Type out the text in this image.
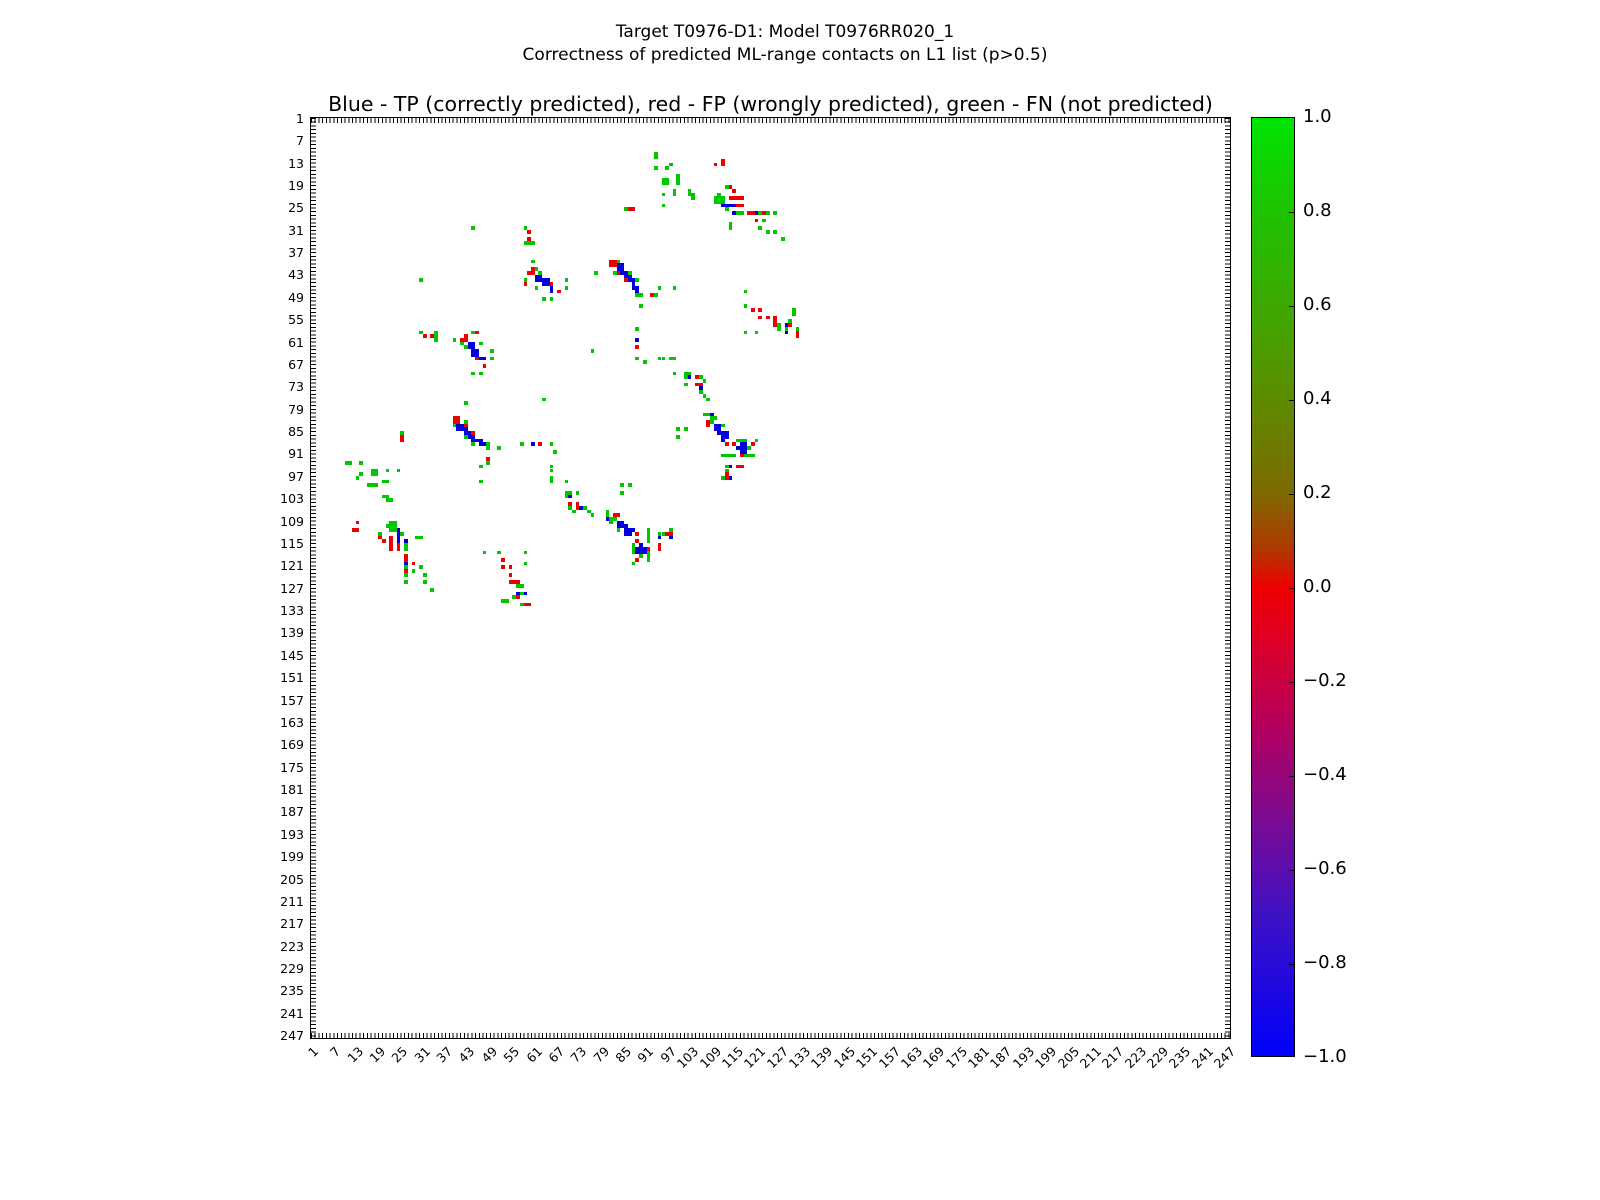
Target T0976-D1: Model T0976RR020_1
Correctness of predicted ML-range contacts on L1 list (p>0.5)
Blue - TP (correctly predicted), red - FP (wrongly predicted), green - FN (not predicted)
1
7
13
19
25
31
37
43
49
55
61
67
73
79
85
91
97
103
109
115
121
127
133
139
145
151
157
163
169
175
181
187
193
199
205
211
217
223
229
235
241
247
1 7 13 19 25 31 37 43 49 55 61 67 73 79 85 91 97
103
109
115
121
127
133
139
145
151
157
163
169
175
181
187
193
199
205
211
217
223
229
235
241
247
1.0
0.8
0.6
0.4
0.2
0.0
−0.2
−0.4
−0.6
−0.8
−1.0
